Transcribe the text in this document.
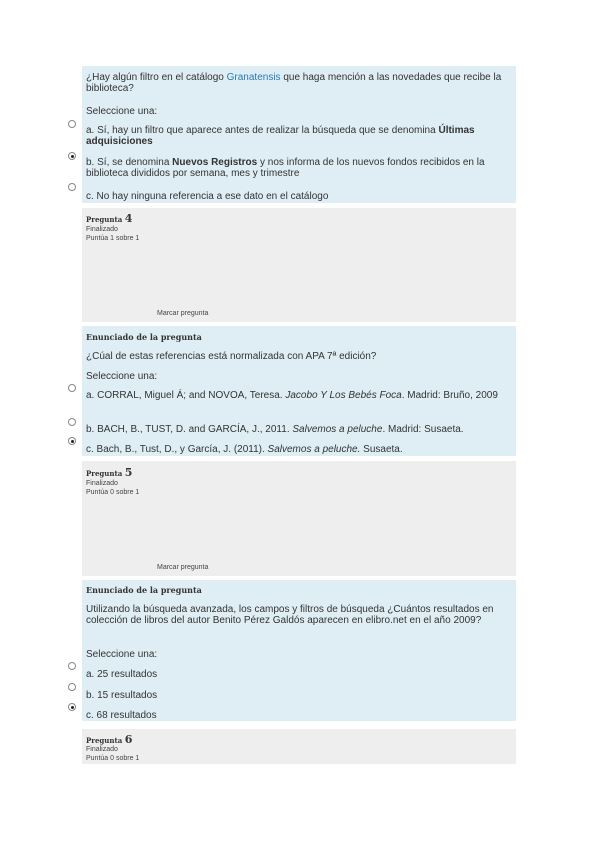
¿Hay algún filtro en el catálogo Granatensis que haga mención a las novedades que recibe la biblioteca?
Seleccione una:
a. Sí, hay un filtro que aparece antes de realizar la búsqueda que se denomina Últimas adquisiciones
b. Sí, se denomina Nuevos Registros y nos informa de los nuevos fondos recibidos en la biblioteca divididos por semana, mes y trimestre
c. No hay ninguna referencia a ese dato en el catálogo
Pregunta 4
Finalizado
Puntúa 1 sobre 1
Marcar pregunta
Enunciado de la pregunta
¿Cúal de estas referencias está normalizada con APA 7ª edición?
Seleccione una:
a. CORRAL, Miguel Á; and NOVOA, Teresa. Jacobo Y Los Bebés Foca. Madrid: Bruño, 2009
b. BACH, B., TUST, D. and GARCÍA, J., 2011. Salvemos a peluche. Madrid: Susaeta.
c. Bach, B., Tust, D., y García, J. (2011). Salvemos a peluche. Susaeta.
Pregunta 5
Finalizado
Puntúa 0 sobre 1
Marcar pregunta
Enunciado de la pregunta
Utilizando la búsqueda avanzada, los campos y filtros de búsqueda ¿Cuántos resultados en colección de libros del autor Benito Pérez Galdós aparecen en elibro.net en el año 2009?
Seleccione una:
a. 25 resultados
b. 15 resultados
c. 68 resultados
Pregunta 6
Finalizado
Puntúa 0 sobre 1
